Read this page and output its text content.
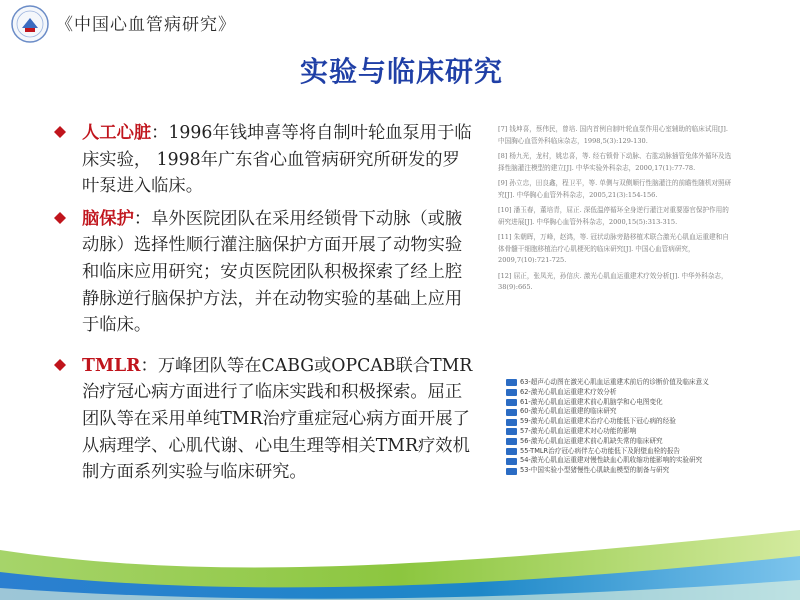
《中国心血管病研究》
实验与临床研究
人工心脏：1996年钱坤喜等将自制叶轮血泵用于临床实验， 1998年广东省心血管病研究所研发的罗叶泵进入临床。
脑保护：阜外医院团队在采用经锁骨下动脉（或腋动脉）选择性顺行灌注脑保护方面开展了动物实验和临床应用研究；安贞医院团队积极探索了经上腔静脉逆行脑保护方法，并在动物实验的基础上应用于临床。
TMLR：万峰团队等在CABG或OPCAB联合TMR治疗冠心病方面进行了临床实践和积极探索。屈正团队等在采用单纯TMR治疗重症冠心病方面开展了从病理学、心肌代谢、心电生理等相关TMR疗效机制方面系列实验与临床研究。
[7] 钱坤喜，蔡伟民，曾培. 国内首例自制叶轮血泵作用心室辅助的临床试用[J]. 中国胸心血管外科临床杂志，1998,5(3):129-130.
[8] 杨九光，龙村，姚忠喜，等. 经右锁骨下动脉、右肱动脉插管兔体外循环及选择性脑灌注模型的建立[J]. 中华实验外科杂志，2000,17(1):77-78.
[9] 孙立忠，田良鑫，程卫平，等. 单侧与双侧顺行性脑灌注的前瞻性随机对照研究[J]. 中华胸心血管外科杂志，2005,21(3):154-156.
[10] 潘玉春，董培青，屈正. 深低温停循环全身逆行灌注对重要器官保护作用的研究进展[J]. 中华胸心血管外科杂志，2000,15(5):313-315.
[11] 朱朝晖，万峰，赵鸿，等. 冠状动脉旁路移植术联合激光心肌血运重建和自体骨髓干细胞移植治疗心肌梗死的临床研究[J]. 中国心血管病研究，2009,7(10):721-725.
[12] 屈正，张凤光，孙信庆. 激光心肌血运重建术疗效分析[J]. 中华外科杂志，38(9):665.
63-超声心动图在激光心肌血运重建术前后的诊断价值及临床意义
62-激光心肌血运重建术疗效分析
61-激光心肌血运重建术前心肌脑学和心电图变化
60-激光心肌血运重建的临床研究
59-激光心肌血运重建术治疗心功能低下冠心病的经验
57-激光心肌血运重建术对心功能的影响
56-激光心肌血运重建术前心肌缺失常的临床研究
55-TMLR治疗冠心病伴左心功能低下及附壁血栓的报告
54-激光心肌血运重建对慢性缺血心肌收缩功能影响的实验研究
53-中国实验小型猪慢性心肌缺血模型的制备与研究
